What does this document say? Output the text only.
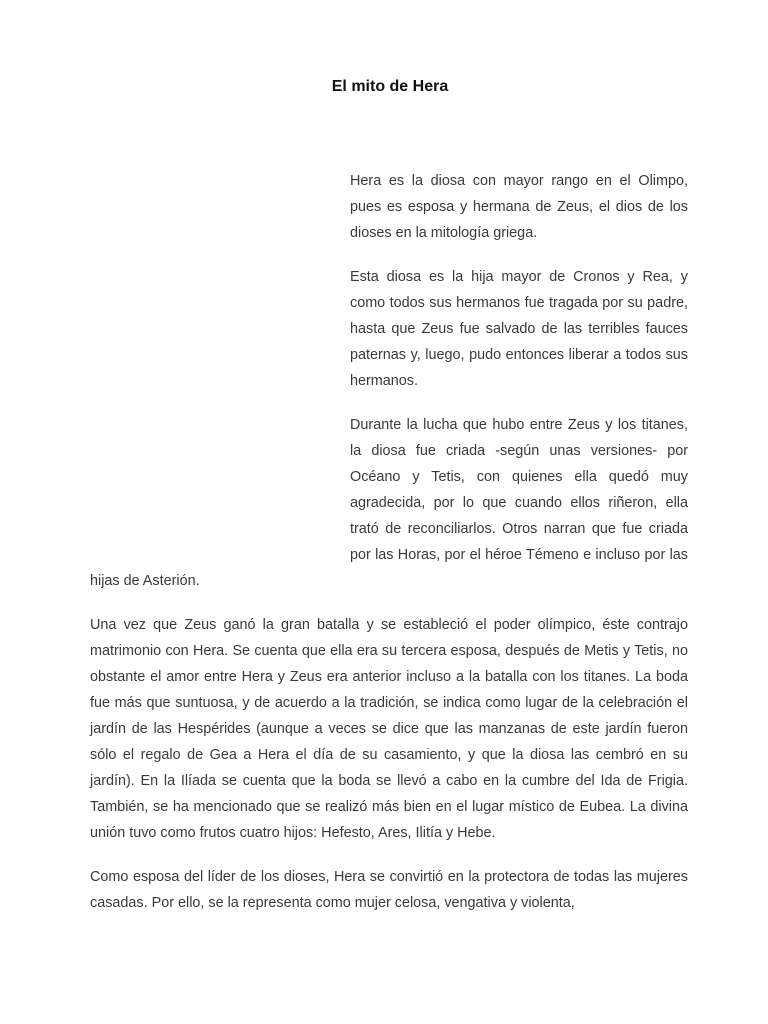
El mito de Hera

Hera es la diosa con mayor rango en el Olimpo, pues es esposa y hermana de Zeus, el dios de los dioses en la mitología griega.

Esta diosa es la hija mayor de Cronos y Rea, y como todos sus hermanos fue tragada por su padre, hasta que Zeus fue salvado de las terribles fauces paternas y, luego, pudo entonces liberar a todos sus hermanos.

Durante la lucha que hubo entre Zeus y los titanes, la diosa fue criada -según unas versiones- por Océano y Tetis, con quienes ella quedó muy agradecida, por lo que cuando ellos riñeron, ella trató de reconciliarlos. Otros narran que fue criada por las Horas, por el héroe Témeno e incluso por las hijas de Asterión.

Una vez que Zeus ganó la gran batalla y se estableció el poder olímpico, éste contrajo matrimonio con Hera. Se cuenta que ella era su tercera esposa, después de Metis y Tetis, no obstante el amor entre Hera y Zeus era anterior incluso a la batalla con los titanes. La boda fue más que suntuosa, y de acuerdo a la tradición, se indica como lugar de la celebración el jardín de las Hespérides (aunque a veces se dice que las manzanas de este jardín fueron sólo el regalo de Gea a Hera el día de su casamiento, y que la diosa las cembró en su jardín). En la Ilíada se cuenta que la boda se llevó a cabo en la cumbre del Ida de Frigia. También, se ha mencionado que se realizó más bien en el lugar místico de Eubea. La divina unión tuvo como frutos cuatro hijos: Hefesto, Ares, Ilitía y Hebe.

Como esposa del líder de los dioses, Hera se convirtió en la protectora de todas las mujeres casadas. Por ello, se la representa como mujer celosa, vengativa y violenta,
